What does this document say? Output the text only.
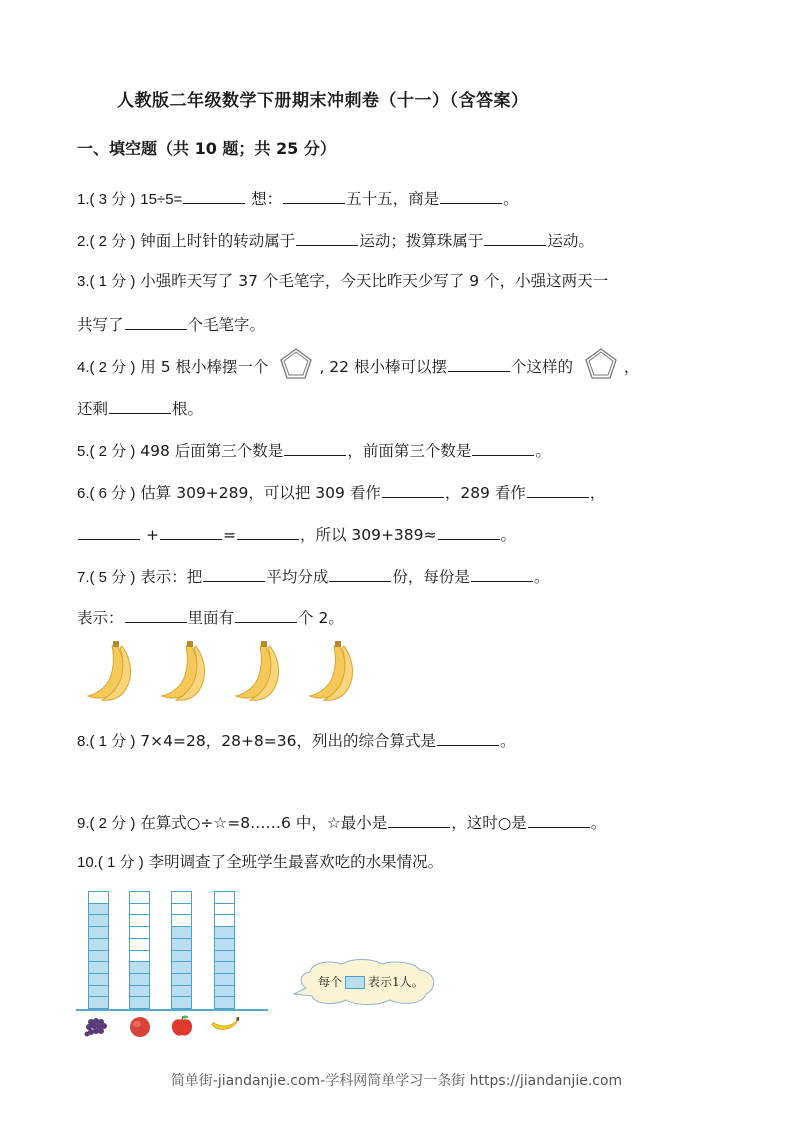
人教版二年级数学下册期末冲刺卷（十一）（含答案）
一、填空题（共 10 题；共 25 分）
1.( 3 分 ) 15÷5=	想：	五十五，商是	。
2.( 2 分 ) 钟面上时针的转动属于	运动；拨算珠属于	运动。
3.( 1 分 ) 小强昨天写了 37 个毛笔字，今天比昨天少写了 9 个，小强这两天一
共写了	个毛笔字。
4.( 2 分 ) 用 5 根小棒摆一个	, 22 根小棒可以摆	个这样的	，
还剩	根。
5.( 2 分 ) 498 后面第三个数是	，前面第三个数是	。
6.( 6 分 ) 估算 309+289，可以把 309 看作	，289 看作	，
+	=	，所以 309+389≈	。
7.( 5 分 ) 表示：把	平均分成	份，每份是	。
表示：	里面有	个 2。
8.( 1 分 ) 7×4=28，28+8=36，列出的综合算式是	。
9.( 2 分 ) 在算式○÷☆=8……6 中，☆最小是	，这时○是	。
10.( 1 分 ) 李明调查了全班学生最喜欢吃的水果情况。
每个 表示1人。
简单街-jiandanjie.com-学科网简单学习一条街 https://jiandanjie.com
